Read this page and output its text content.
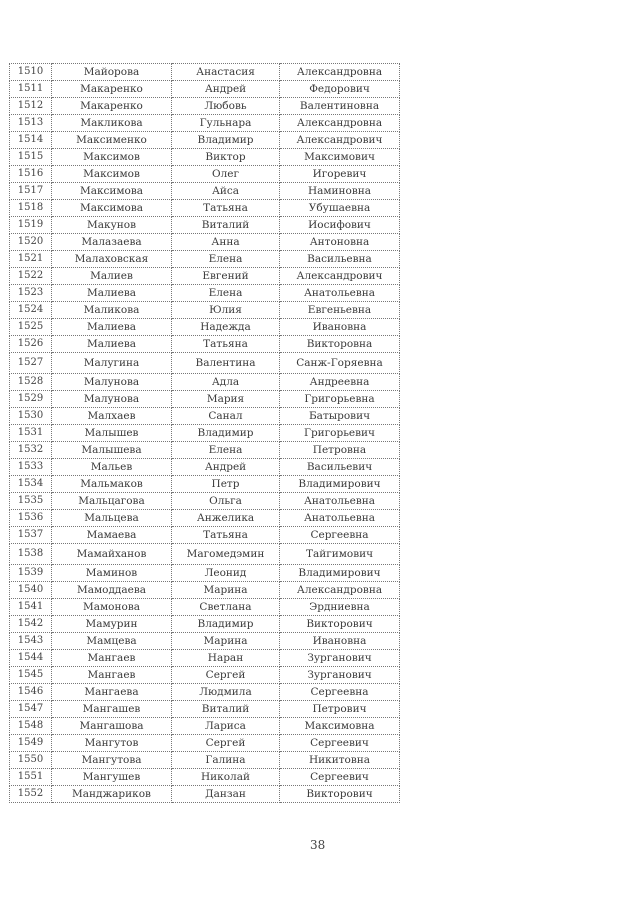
1510	Майорова	Анастасия	Александровна
1511	Макаренко	Андрей	Федорович
1512	Макаренко	Любовь	Валентиновна
1513	Макликова	Гульнара	Александровна
1514	Максименко	Владимир	Александрович
1515	Максимов	Виктор	Максимович
1516	Максимов	Олег	Игоревич
1517	Максимова	Айса	Наминовна
1518	Максимова	Татьяна	Убушаевна
1519	Макунов	Виталий	Иосифович
1520	Малазаева	Анна	Антоновна
1521	Малаховская	Елена	Васильевна
1522	Малиев	Евгений	Александрович
1523	Малиева	Елена	Анатольевна
1524	Маликова	Юлия	Евгеньевна
1525	Малиева	Надежда	Ивановна
1526	Малиева	Татьяна	Викторовна
1527	Малугина	Валентина	Санж-Горяевна
1528	Малунова	Адла	Андреевна
1529	Малунова	Мария	Григорьевна
1530	Малхаев	Санал	Батырович
1531	Малышев	Владимир	Григорьевич
1532	Малышева	Елена	Петровна
1533	Мальев	Андрей	Васильевич
1534	Мальмаков	Петр	Владимирович
1535	Мальцагова	Ольга	Анатольевна
1536	Мальцева	Анжелика	Анатольевна
1537	Мамаева	Татьяна	Сергеевна
1538	Мамайханов	Магомедэмин	Тайгимович
1539	Маминов	Леонид	Владимирович
1540	Мамоддаева	Марина	Александровна
1541	Мамонова	Светлана	Эрдниевна
1542	Мамурин	Владимир	Викторович
1543	Мамцева	Марина	Ивановна
1544	Мангаев	Наран	Зурганович
1545	Мангаев	Сергей	Зурганович
1546	Мангаева	Людмила	Сергеевна
1547	Мангашев	Виталий	Петрович
1548	Мангашова	Лариса	Максимовна
1549	Мангутов	Сергей	Сергеевич
1550	Мангутова	Галина	Никитовна
1551	Мангушев	Николай	Сергеевич
1552	Манджариков	Данзан	Викторович
38
